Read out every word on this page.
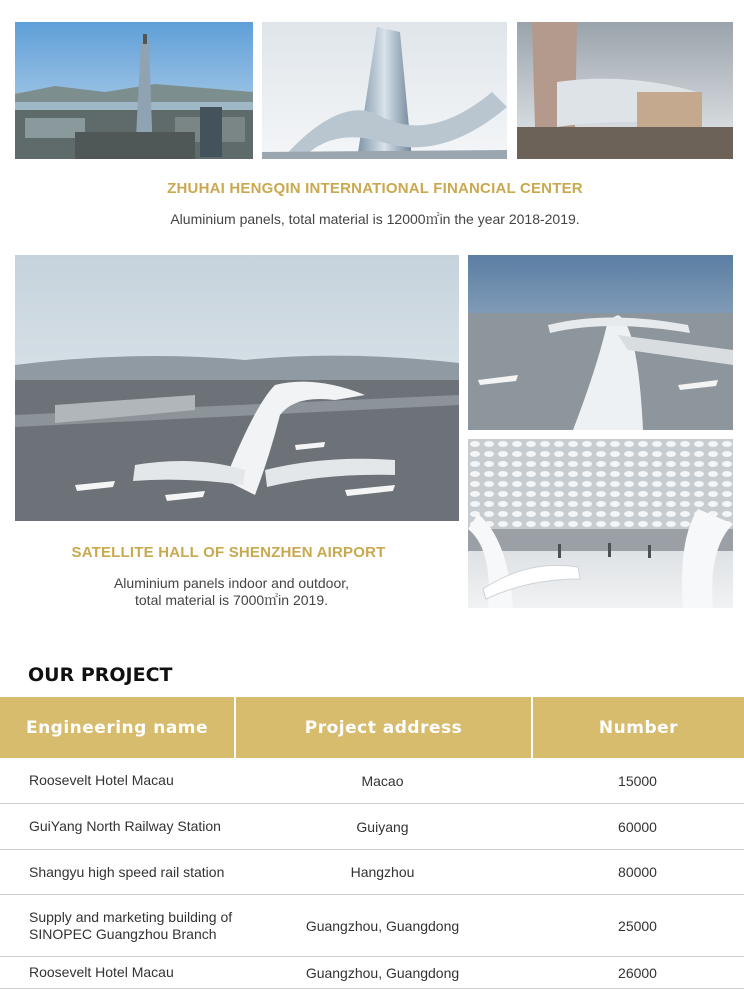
ZHUHAI HENGQIN INTERNATIONAL FINANCIAL CENTER
Aluminium panels, total material is 12000㎡in the year 2018-2019.
SATELLITE HALL OF SHENZHEN AIRPORT
Aluminium panels indoor and outdoor,
total material is 7000㎡in 2019.
OUR PROJECT
Engineering name	Project address	Number
Roosevelt Hotel Macau	Macao	15000
GuiYang North Railway Station	Guiyang	60000
Shangyu high speed rail station	Hangzhou	80000
Supply and marketing building of
SINOPEC Guangzhou Branch	Guangzhou, Guangdong	25000
Roosevelt Hotel Macau	Guangzhou, Guangdong	26000
